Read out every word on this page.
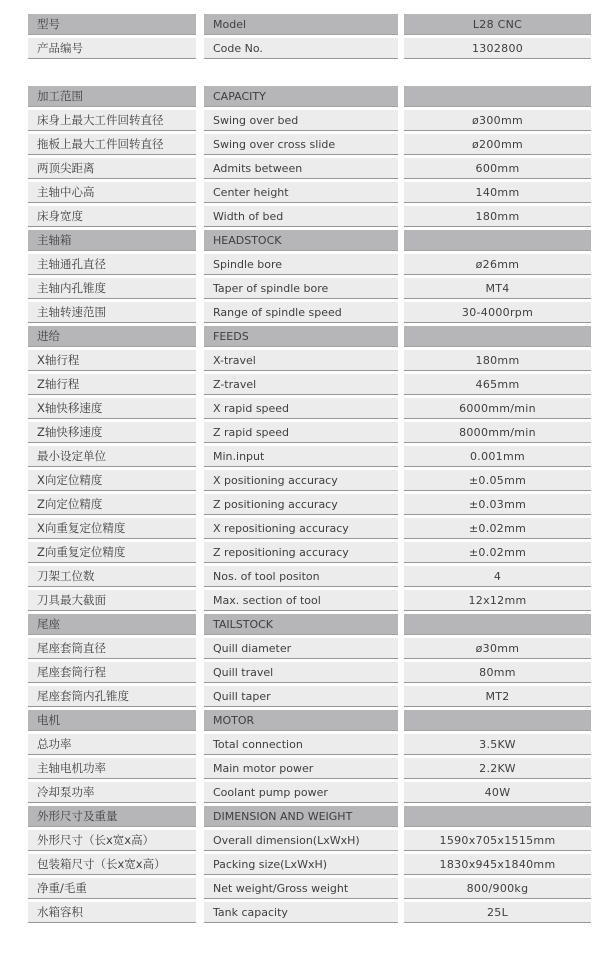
型号	Model	L28 CNC
产品编号	Code No.	1302800
加工范围	CAPACITY
床身上最大工件回转直径	Swing over bed	ø300mm
拖板上最大工件回转直径	Swing over cross slide	ø200mm
两顶尖距离	Admits between	600mm
主轴中心高	Center height	140mm
床身宽度	Width of bed	180mm
主轴箱	HEADSTOCK
主轴通孔直径	Spindle bore	ø26mm
主轴内孔锥度	Taper of spindle bore	MT4
主轴转速范围	Range of spindle speed	30-4000rpm
进给	FEEDS
X轴行程	X-travel	180mm
Z轴行程	Z-travel	465mm
X轴快移速度	X rapid speed	6000mm/min
Z轴快移速度	Z rapid speed	8000mm/min
最小设定单位	Min.input	0.001mm
X向定位精度	X positioning accuracy	±0.05mm
Z向定位精度	Z positioning accuracy	±0.03mm
X向重复定位精度	X repositioning accuracy	±0.02mm
Z向重复定位精度	Z repositioning accuracy	±0.02mm
刀架工位数	Nos. of tool positon	4
刀具最大截面	Max. section of tool	12x12mm
尾座	TAILSTOCK
尾座套筒直径	Quill diameter	ø30mm
尾座套筒行程	Quill travel	80mm
尾座套筒内孔锥度	Quill taper	MT2
电机	MOTOR
总功率	Total connection	3.5KW
主轴电机功率	Main motor power	2.2KW
冷却泵功率	Coolant pump power	40W
外形尺寸及重量	DIMENSION AND WEIGHT
外形尺寸（长x宽x高）	Overall dimension(LxWxH)	1590x705x1515mm
包装箱尺寸（长x宽x高）	Packing size(LxWxH)	1830x945x1840mm
净重/毛重	Net weight/Gross weight	800/900kg
水箱容积	Tank capacity	25L
